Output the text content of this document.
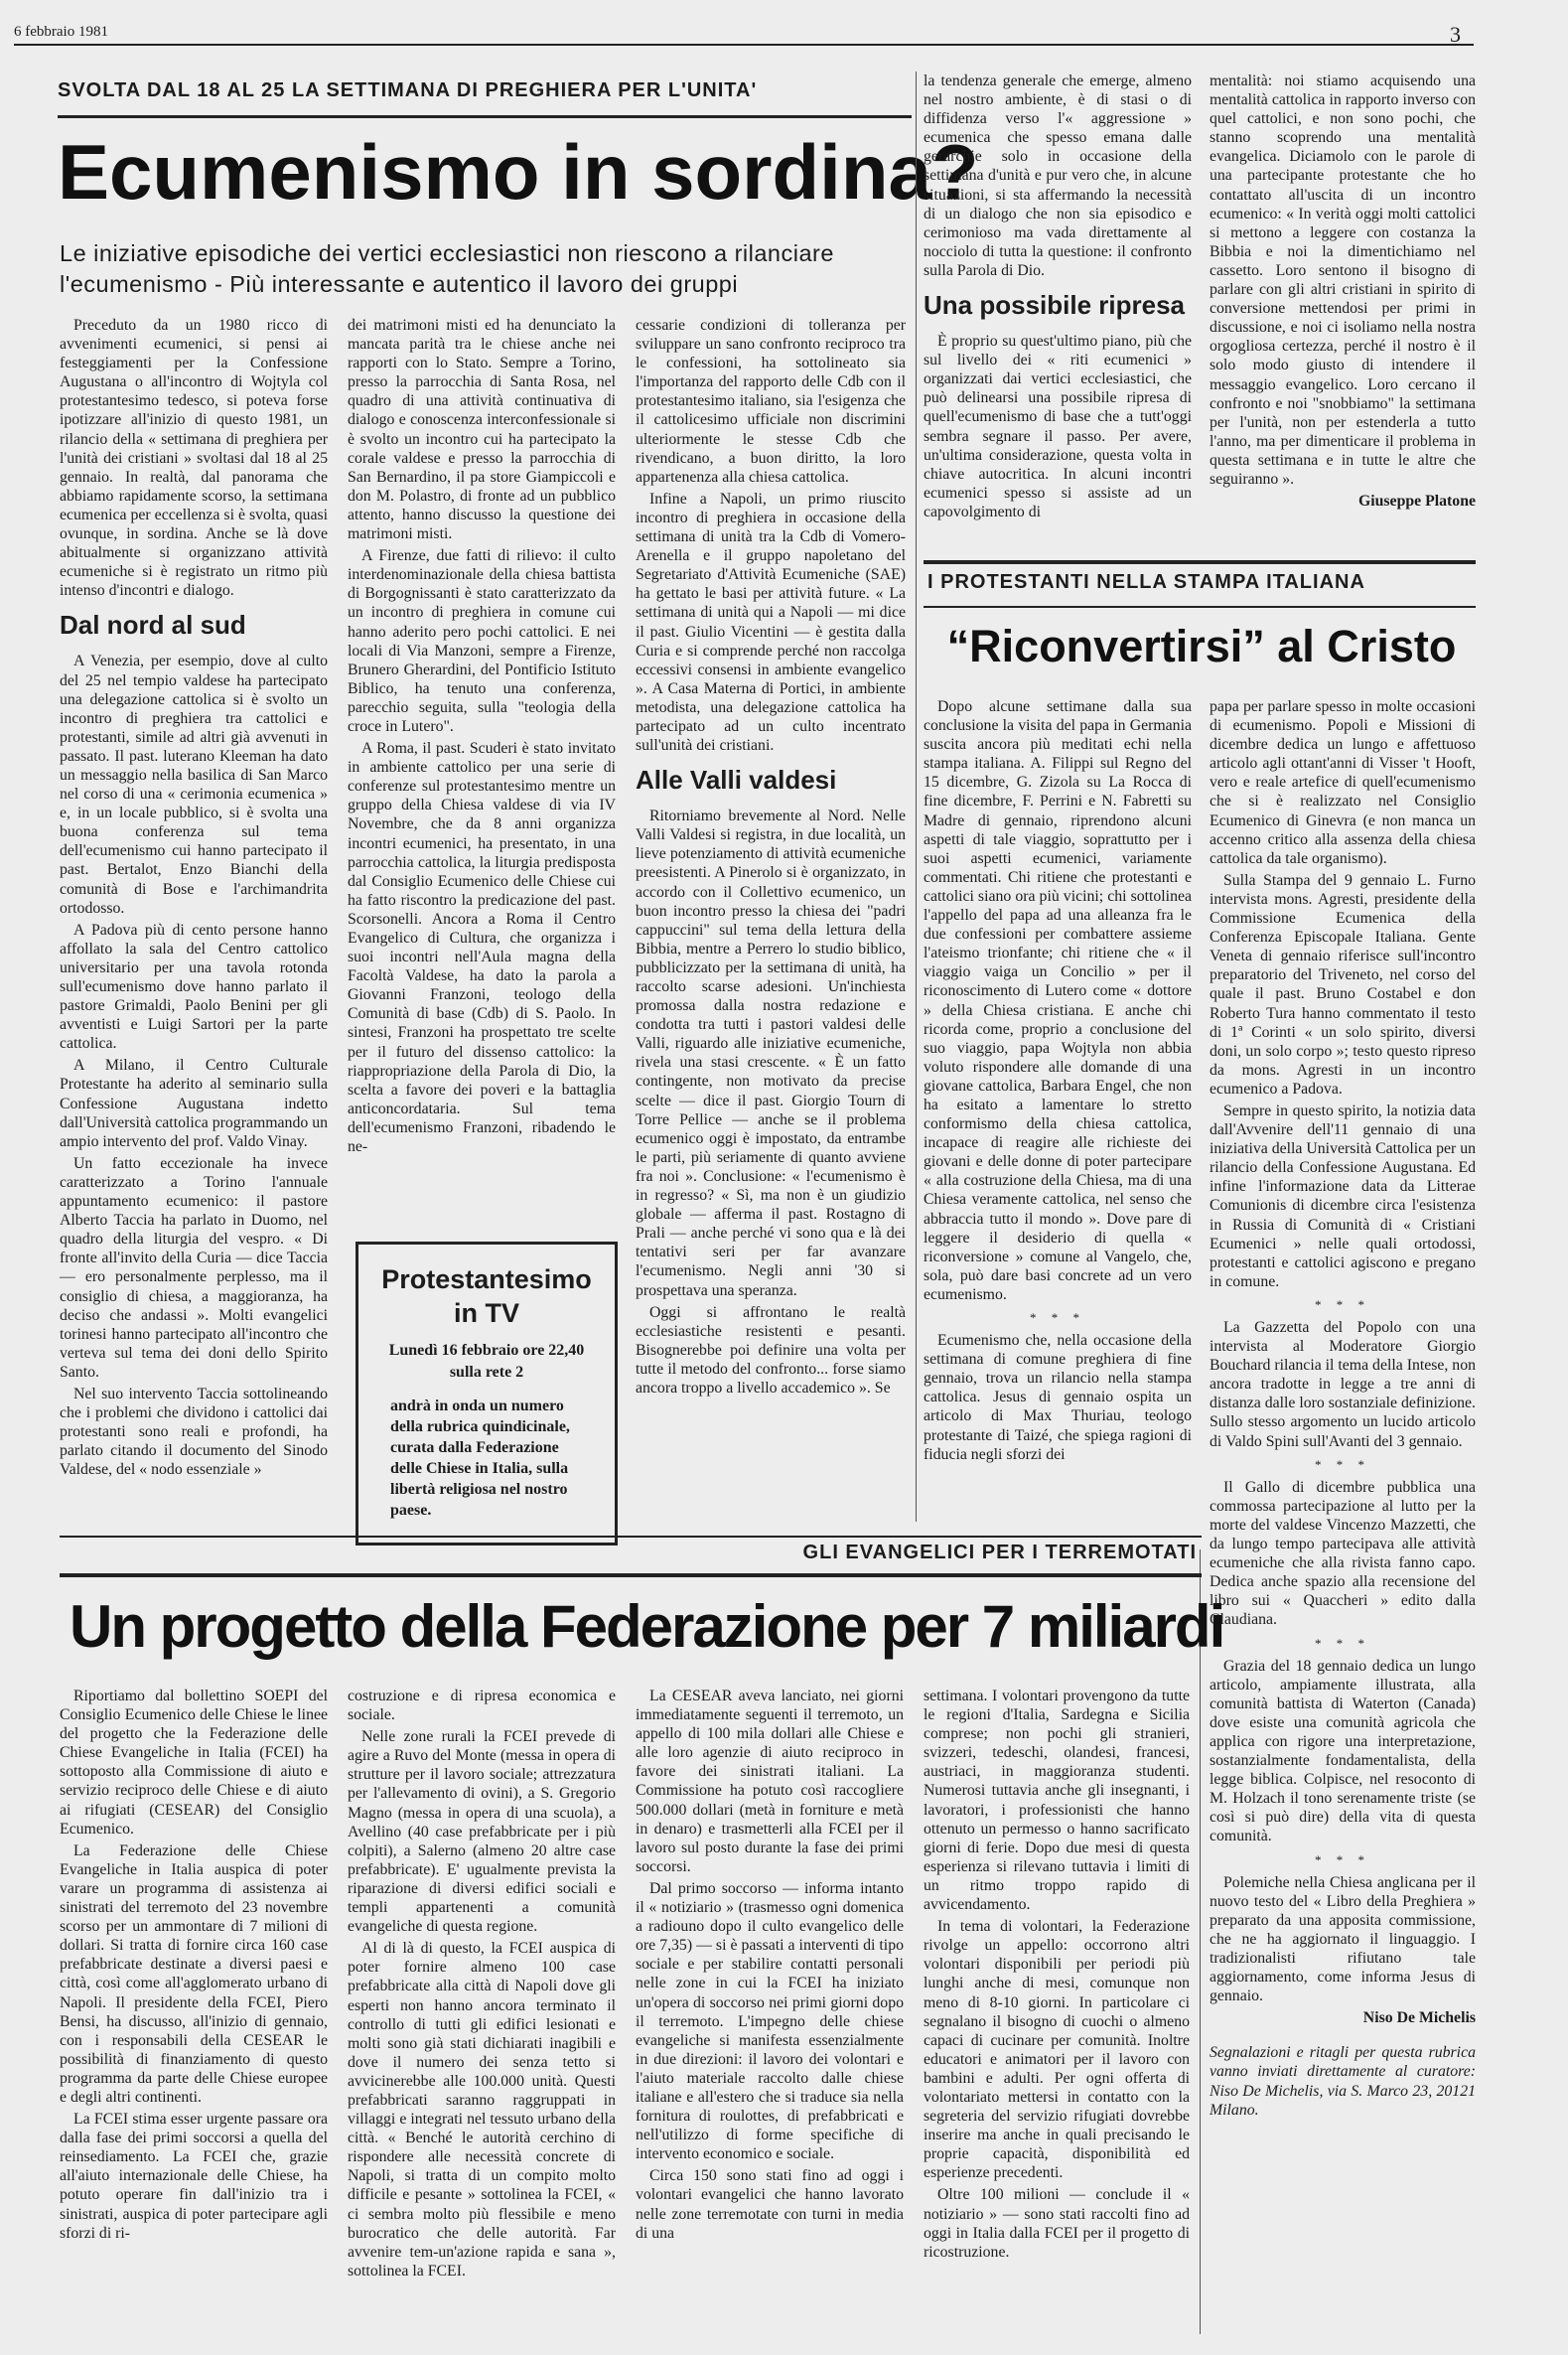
6 febbraio 1981	3
SVOLTA DAL 18 AL 25 LA SETTIMANA DI PREGHIERA PER L'UNITA'
Ecumenismo in sordina?
Le iniziative episodiche dei vertici ecclesiastici non riescono a rilanciare l'ecumenismo - Più interessante e autentico il lavoro dei gruppi

Preceduto da un 1980 ricco di avvenimenti ecumenici, si pensi ai festeggiamenti per la Confessione Augustana o all'incontro di Wojtyla col protestantesimo tedesco, si poteva forse ipotizzare all'inizio di questo 1981, un rilancio della « settimana di preghiera per l'unità dei cristiani » svoltasi dal 18 al 25 gennaio. In realtà, dal panorama che abbiamo rapidamente scorso, la settimana ecumenica per eccellenza si è svolta, quasi ovunque, in sordina. Anche se là dove abitualmente si organizzano attività ecumeniche si è registrato un ritmo più intenso d'incontri e dialogo.

Dal nord al sud

A Venezia, per esempio, dove al culto del 25 nel tempio valdese ha partecipato una delegazione cattolica si è svolto un incontro di preghiera tra cattolici e protestanti, simile ad altri già avvenuti in passato. Il past. luterano Kleeman ha dato un messaggio nella basilica di San Marco nel corso di una « cerimonia ecumenica » e, in un locale pubblico, si è svolta una buona conferenza sul tema dell'ecumenismo cui hanno partecipato il past. Bertalot, Enzo Bianchi della comunità di Bose e l'archimandrita ortodosso.

A Padova più di cento persone hanno affollato la sala del Centro cattolico universitario per una tavola rotonda sull'ecumenismo dove hanno parlato il pastore Grimaldi, Paolo Benini per gli avventisti e Luigi Sartori per la parte cattolica.

A Milano, il Centro Culturale Protestante ha aderito al seminario sulla Confessione Augustana indetto dall'Università cattolica programmando un ampio intervento del prof. Valdo Vinay.

Un fatto eccezionale ha invece caratterizzato a Torino l'annuale appuntamento ecumenico: il pastore Alberto Taccia ha parlato in Duomo, nel quadro della liturgia del vespro. « Di fronte all'invito della Curia — dice Taccia — ero personalmente perplesso, ma il consiglio di chiesa, a maggioranza, ha deciso che andassi ». Molti evangelici torinesi hanno partecipato all'incontro che verteva sul tema dei doni dello Spirito Santo.

Nel suo intervento Taccia sottolineando che i problemi che dividono i cattolici dai protestanti sono reali e profondi, ha parlato citando il documento del Sinodo Valdese, del « nodo essenziale »

dei matrimoni misti ed ha denunciato la mancata parità tra le chiese anche nei rapporti con lo Stato. Sempre a Torino, presso la parrocchia di Santa Rosa, nel quadro di una attività continuativa di dialogo e conoscenza interconfessionale si è svolto un incontro cui ha partecipato la corale valdese e presso la parrocchia di San Bernardino, il pa store Giampiccoli e don M. Polastro, di fronte ad un pubblico attento, hanno discusso la questione dei matrimoni misti.

A Firenze, due fatti di rilievo: il culto interdenominazionale della chiesa battista di Borgognissanti è stato caratterizzato da un incontro di preghiera in comune cui hanno aderito pero pochi cattolici. E nei locali di Via Manzoni, sempre a Firenze, Brunero Gherardini, del Pontificio Istituto Biblico, ha tenuto una conferenza, parecchio seguita, sulla "teologia della croce in Lutero".

A Roma, il past. Scuderi è stato invitato in ambiente cattolico per una serie di conferenze sul protestantesimo mentre un gruppo della Chiesa valdese di via IV Novembre, che da 8 anni organizza incontri ecumenici, ha presentato, in una parrocchia cattolica, la liturgia predisposta dal Consiglio Ecumenico delle Chiese cui ha fatto riscontro la predicazione del past. Scorsonelli. Ancora a Roma il Centro Evangelico di Cultura, che organizza i suoi incontri nell'Aula magna della Facoltà Valdese, ha dato la parola a Giovanni Franzoni, teologo della Comunità di base (Cdb) di S. Paolo. In sintesi, Franzoni ha prospettato tre scelte per il futuro del dissenso cattolico: la riappropriazione della Parola di Dio, la scelta a favore dei poveri e la battaglia anticoncordataria. Sul tema dell'ecumenismo Franzoni, ribadendo le ne-

cessarie condizioni di tolleranza per sviluppare un sano confronto reciproco tra le confessioni, ha sottolineato sia l'importanza del rapporto delle Cdb con il protestantesimo italiano, sia l'esigenza che il cattolicesimo ufficiale non discrimini ulteriormente le stesse Cdb che rivendicano, a buon diritto, la loro appartenenza alla chiesa cattolica.

Infine a Napoli, un primo riuscito incontro di preghiera in occasione della settimana di unità tra la Cdb di Vomero-Arenella e il gruppo napoletano del Segretariato d'Attività Ecumeniche (SAE) ha gettato le basi per attività future. « La settimana di unità qui a Napoli — mi dice il past. Giulio Vicentini — è gestita dalla Curia e si comprende perché non raccolga eccessivi consensi in ambiente evangelico ». A Casa Materna di Portici, in ambiente metodista, una delegazione cattolica ha partecipato ad un culto incentrato sull'unità dei cristiani.

Alle Valli valdesi

Ritorniamo brevemente al Nord. Nelle Valli Valdesi si registra, in due località, un lieve potenziamento di attività ecumeniche preesistenti. A Pinerolo si è organizzato, in accordo con il Collettivo ecumenico, un buon incontro presso la chiesa dei "padri cappuccini" sul tema della lettura della Bibbia, mentre a Perrero lo studio biblico, pubblicizzato per la settimana di unità, ha raccolto scarse adesioni. Un'inchiesta promossa dalla nostra redazione e condotta tra tutti i pastori valdesi delle Valli, riguardo alle iniziative ecumeniche, rivela una stasi crescente. « È un fatto contingente, non motivato da precise scelte — dice il past. Giorgio Tourn di Torre Pellice — anche se il problema ecumenico oggi è impostato, da entrambe le parti, più seriamente di quanto avviene fra noi ». Conclusione: « l'ecumenismo è in regresso? « Sì, ma non è un giudizio globale — afferma il past. Rostagno di Prali — anche perché vi sono qua e là dei tentativi seri per far avanzare l'ecumenismo. Negli anni '30 si prospettava una speranza.

Oggi si affrontano le realtà ecclesiastiche resistenti e pesanti. Bisognerebbe poi definire una volta per tutte il metodo del confronto... forse siamo ancora troppo a livello accademico ». Se

la tendenza generale che emerge, almeno nel nostro ambiente, è di stasi o di diffidenza verso l'« aggressione » ecumenica che spesso emana dalle gerarchie solo in occasione della settimana d'unità e pur vero che, in alcune situazioni, si sta affermando la necessità di un dialogo che non sia episodico e cerimonioso ma vada direttamente al nocciolo di tutta la questione: il confronto sulla Parola di Dio.

Una possibile ripresa

È proprio su quest'ultimo piano, più che sul livello dei « riti ecumenici » organizzati dai vertici ecclesiastici, che può delinearsi una possibile ripresa di quell'ecumenismo di base che a tutt'oggi sembra segnare il passo. Per avere, un'ultima considerazione, questa volta in chiave autocritica. In alcuni incontri ecumenici spesso si assiste ad un capovolgimento di

mentalità: noi stiamo acquisendo una mentalità cattolica in rapporto inverso con quel cattolici, e non sono pochi, che stanno scoprendo una mentalità evangelica. Diciamolo con le parole di una partecipante protestante che ho contattato all'uscita di un incontro ecumenico: « In verità oggi molti cattolici si mettono a leggere con costanza la Bibbia e noi la dimentichiamo nel cassetto. Loro sentono il bisogno di parlare con gli altri cristiani in spirito di conversione mettendosi per primi in discussione, e noi ci isoliamo nella nostra orgogliosa certezza, perché il nostro è il solo modo giusto di intendere il messaggio evangelico. Loro cercano il confronto e noi "snobbiamo" la settimana per l'unità, non per estenderla a tutto l'anno, ma per dimenticare il problema in questa settimana e in tutte le altre che seguiranno ».

Giuseppe Platone
Protestantesimo in TV
Lunedì 16 febbraio ore 22,40 sulla rete 2
andrà in onda un numero della rubrica quindicinale, curata dalla Federazione delle Chiese in Italia, sulla libertà religiosa nel nostro paese.
I PROTESTANTI NELLA STAMPA ITALIANA
“Riconvertirsi” al Cristo

Dopo alcune settimane dalla sua conclusione la visita del papa in Germania suscita ancora più meditati echi nella stampa italiana. A. Filippi sul Regno del 15 dicembre, G. Zizola su La Rocca di fine dicembre, F. Perrini e N. Fabretti su Madre di gennaio, riprendono alcuni aspetti di tale viaggio, soprattutto per i suoi aspetti ecumenici, variamente commentati. Chi ritiene che protestanti e cattolici siano ora più vicini; chi sottolinea l'appello del papa ad una alleanza fra le due confessioni per combattere assieme l'ateismo trionfante; chi ritiene che « il viaggio vaiga un Concilio » per il riconoscimento di Lutero come « dottore » della Chiesa cristiana. E anche chi ricorda come, proprio a conclusione del suo viaggio, papa Wojtyla non abbia voluto rispondere alle domande di una giovane cattolica, Barbara Engel, che non ha esitato a lamentare lo stretto conformismo della chiesa cattolica, incapace di reagire alle richieste dei giovani e delle donne di poter partecipare « alla costruzione della Chiesa, ma di una Chiesa veramente cattolica, nel senso che abbraccia tutto il mondo ». Dove pare di leggere il desiderio di quella « riconversione » comune al Vangelo, che, sola, può dare basi concrete ad un vero ecumenismo.

* * *

Ecumenismo che, nella occasione della settimana di comune preghiera di fine gennaio, trova un rilancio nella stampa cattolica. Jesus di gennaio ospita un articolo di Max Thuriau, teologo protestante di Taizé, che spiega ragioni di fiducia negli sforzi dei

papa per parlare spesso in molte occasioni di ecumenismo. Popoli e Missioni di dicembre dedica un lungo e affettuoso articolo agli ottant'anni di Visser 't Hooft, vero e reale artefice di quell'ecumenismo che si è realizzato nel Consiglio Ecumenico di Ginevra (e non manca un accenno critico alla assenza della chiesa cattolica da tale organismo).

Sulla Stampa del 9 gennaio L. Furno intervista mons. Agresti, presidente della Commissione Ecumenica della Conferenza Episcopale Italiana. Gente Veneta di gennaio riferisce sull'incontro preparatorio del Triveneto, nel corso del quale il past. Bruno Costabel e don Roberto Tura hanno commentato il testo di 1ª Corinti « un solo spirito, diversi doni, un solo corpo »; testo questo ripreso da mons. Agresti in un incontro ecumenico a Padova.

Sempre in questo spirito, la notizia data dall'Avvenire dell'11 gennaio di una iniziativa della Università Cattolica per un rilancio della Confessione Augustana. Ed infine l'informazione data da Litterae Comunionis di dicembre circa l'esistenza in Russia di Comunità di « Cristiani Ecumenici » nelle quali ortodossi, protestanti e cattolici agiscono e pregano in comune.

* * *

La Gazzetta del Popolo con una intervista al Moderatore Giorgio Bouchard rilancia il tema della Intese, non ancora tradotte in legge a tre anni di distanza dalle loro sostanziale definizione. Sullo stesso argomento un lucido articolo di Valdo Spini sull'Avanti del 3 gennaio.

* * *

Il Gallo di dicembre pubblica una commossa partecipazione al lutto per la morte del valdese Vincenzo Mazzetti, che da lungo tempo partecipava alle attività ecumeniche che alla rivista fanno capo. Dedica anche spazio alla recensione del libro sui « Quaccheri » edito dalla Claudiana.

* * *

Grazia del 18 gennaio dedica un lungo articolo, ampiamente illustrata, alla comunità battista di Waterton (Canada) dove esiste una comunità agricola che applica con rigore una interpretazione, sostanzialmente fondamentalista, della legge biblica. Colpisce, nel resoconto di M. Holzach il tono serenamente triste (se così si può dire) della vita di questa comunità.

* * *

Polemiche nella Chiesa anglicana per il nuovo testo del « Libro della Preghiera » preparato da una apposita commissione, che ne ha aggiornato il linguaggio. I tradizionalisti rifiutano tale aggiornamento, come informa Jesus di gennaio.

Niso De Michelis

Segnalazioni e ritagli per questa rubrica vanno inviati direttamente al curatore: Niso De Michelis, via S. Marco 23, 20121 Milano.

GLI EVANGELICI PER I TERREMOTATI
Un progetto della Federazione per 7 miliardi

Riportiamo dal bollettino SOEPI del Consiglio Ecumenico delle Chiese le linee del progetto che la Federazione delle Chiese Evangeliche in Italia (FCEI) ha sottoposto alla Commissione di aiuto e servizio reciproco delle Chiese e di aiuto ai rifugiati (CESEAR) del Consiglio Ecumenico.

La Federazione delle Chiese Evangeliche in Italia auspica di poter varare un programma di assistenza ai sinistrati del terremoto del 23 novembre scorso per un ammontare di 7 milioni di dollari. Si tratta di fornire circa 160 case prefabbricate destinate a diversi paesi e città, così come all'agglomerato urbano di Napoli. Il presidente della FCEI, Piero Bensi, ha discusso, all'inizio di gennaio, con i responsabili della CESEAR le possibilità di finanziamento di questo programma da parte delle Chiese europee e degli altri continenti.

La FCEI stima esser urgente passare ora dalla fase dei primi soccorsi a quella del reinsediamento. La FCEI che, grazie all'aiuto internazionale delle Chiese, ha potuto operare fin dall'inizio tra i sinistrati, auspica di poter partecipare agli sforzi di ri-

costruzione e di ripresa economica e sociale.

Nelle zone rurali la FCEI prevede di agire a Ruvo del Monte (messa in opera di strutture per il lavoro sociale; attrezzatura per l'allevamento di ovini), a S. Gregorio Magno (messa in opera di una scuola), a Avellino (40 case prefabbricate per i più colpiti), a Salerno (almeno 20 altre case prefabbricate). E' ugualmente prevista la riparazione di diversi edifici sociali e templi appartenenti a comunità evangeliche di questa regione.

Al di là di questo, la FCEI auspica di poter fornire almeno 100 case prefabbricate alla città di Napoli dove gli esperti non hanno ancora terminato il controllo di tutti gli edifici lesionati e molti sono già stati dichiarati inagibili e dove il numero dei senza tetto si avvicinerebbe alle 100.000 unità. Questi prefabbricati saranno raggruppati in villaggi e integrati nel tessuto urbano della città. « Benché le autorità cerchino di rispondere alle necessità concrete di Napoli, si tratta di un compito molto difficile e pesante » sottolinea la FCEI, « ci sembra molto più flessibile e meno burocratico che delle autorità. Far avvenire tem-un'azione rapida e sana », sottolinea la FCEI.

La CESEAR aveva lanciato, nei giorni immediatamente seguenti il terremoto, un appello di 100 mila dollari alle Chiese e alle loro agenzie di aiuto reciproco in favore dei sinistrati italiani. La Commissione ha potuto così raccogliere 500.000 dollari (metà in forniture e metà in denaro) e trasmetterli alla FCEI per il lavoro sul posto durante la fase dei primi soccorsi.

Dal primo soccorso — informa intanto il « notiziario » (trasmesso ogni domenica a radiouno dopo il culto evangelico delle ore 7,35) — si è passati a interventi di tipo sociale e per stabilire contatti personali nelle zone in cui la FCEI ha iniziato un'opera di soccorso nei primi giorni dopo il terremoto. L'impegno delle chiese evangeliche si manifesta essenzialmente in due direzioni: il lavoro dei volontari e l'aiuto materiale raccolto dalle chiese italiane e all'estero che si traduce sia nella fornitura di roulottes, di prefabbricati e nell'utilizzo di forme specifiche di intervento economico e sociale.

Circa 150 sono stati fino ad oggi i volontari evangelici che hanno lavorato nelle zone terremotate con turni in media di una

settimana. I volontari provengono da tutte le regioni d'Italia, Sardegna e Sicilia comprese; non pochi gli stranieri, svizzeri, tedeschi, olandesi, francesi, austriaci, in maggioranza studenti. Numerosi tuttavia anche gli insegnanti, i lavoratori, i professionisti che hanno ottenuto un permesso o hanno sacrificato giorni di ferie. Dopo due mesi di questa esperienza si rilevano tuttavia i limiti di un ritmo troppo rapido di avvicendamento.

In tema di volontari, la Federazione rivolge un appello: occorrono altri volontari disponibili per periodi più lunghi anche di mesi, comunque non meno di 8-10 giorni. In particolare ci segnalano il bisogno di cuochi o almeno capaci di cucinare per comunità. Inoltre educatori e animatori per il lavoro con bambini e adulti. Per ogni offerta di volontariato mettersi in contatto con la segreteria del servizio rifugiati dovrebbe inserire ma anche in quali precisando le proprie capacità, disponibilità ed esperienze precedenti.

Oltre 100 milioni — conclude il « notiziario » — sono stati raccolti fino ad oggi in Italia dalla FCEI per il progetto di ricostruzione.
